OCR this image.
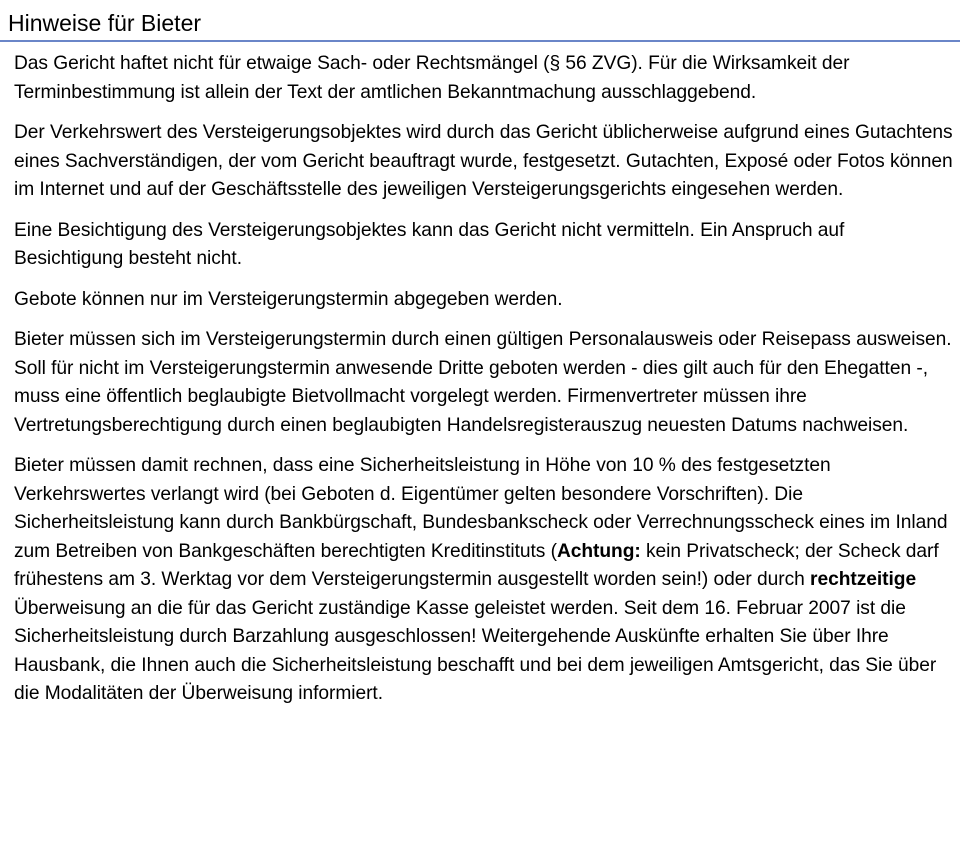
Hinweise für Bieter

Das Gericht haftet nicht für etwaige Sach- oder Rechtsmängel (§ 56 ZVG). Für die Wirksamkeit der Terminbestimmung ist allein der Text der amtlichen Bekanntmachung ausschlaggebend.

Der Verkehrswert des Versteigerungsobjektes wird durch das Gericht üblicherweise aufgrund eines Gutachtens eines Sachverständigen, der vom Gericht beauftragt wurde, festgesetzt. Gutachten, Exposé oder Fotos können im Internet und auf der Geschäftsstelle des jeweiligen Versteigerungsgerichts eingesehen werden.

Eine Besichtigung des Versteigerungsobjektes kann das Gericht nicht vermitteln. Ein Anspruch auf Besichtigung besteht nicht.

Gebote können nur im Versteigerungstermin abgegeben werden.

Bieter müssen sich im Versteigerungstermin durch einen gültigen Personalausweis oder Reisepass ausweisen. Soll für nicht im Versteigerungstermin anwesende Dritte geboten werden - dies gilt auch für den Ehegatten -, muss eine öffentlich beglaubigte Bietvollmacht vorgelegt werden. Firmenvertreter müssen ihre Vertretungsberechtigung durch einen beglaubigten Handelsregisterauszug neuesten Datums nachweisen.

Bieter müssen damit rechnen, dass eine Sicherheitsleistung in Höhe von 10 % des festgesetzten Verkehrswertes verlangt wird (bei Geboten d. Eigentümer gelten besondere Vorschriften). Die Sicherheitsleistung kann durch Bankbürgschaft, Bundesbankscheck oder Verrechnungsscheck eines im Inland zum Betreiben von Bankgeschäften berechtigten Kreditinstituts (Achtung: kein Privatscheck; der Scheck darf frühestens am 3. Werktag vor dem Versteigerungstermin ausgestellt worden sein!) oder durch rechtzeitige Überweisung an die für das Gericht zuständige Kasse geleistet werden. Seit dem 16. Februar 2007 ist die Sicherheitsleistung durch Barzahlung ausgeschlossen! Weitergehende Auskünfte erhalten Sie über Ihre Hausbank, die Ihnen auch die Sicherheitsleistung beschafft und bei dem jeweiligen Amtsgericht, das Sie über die Modalitäten der Überweisung informiert.
